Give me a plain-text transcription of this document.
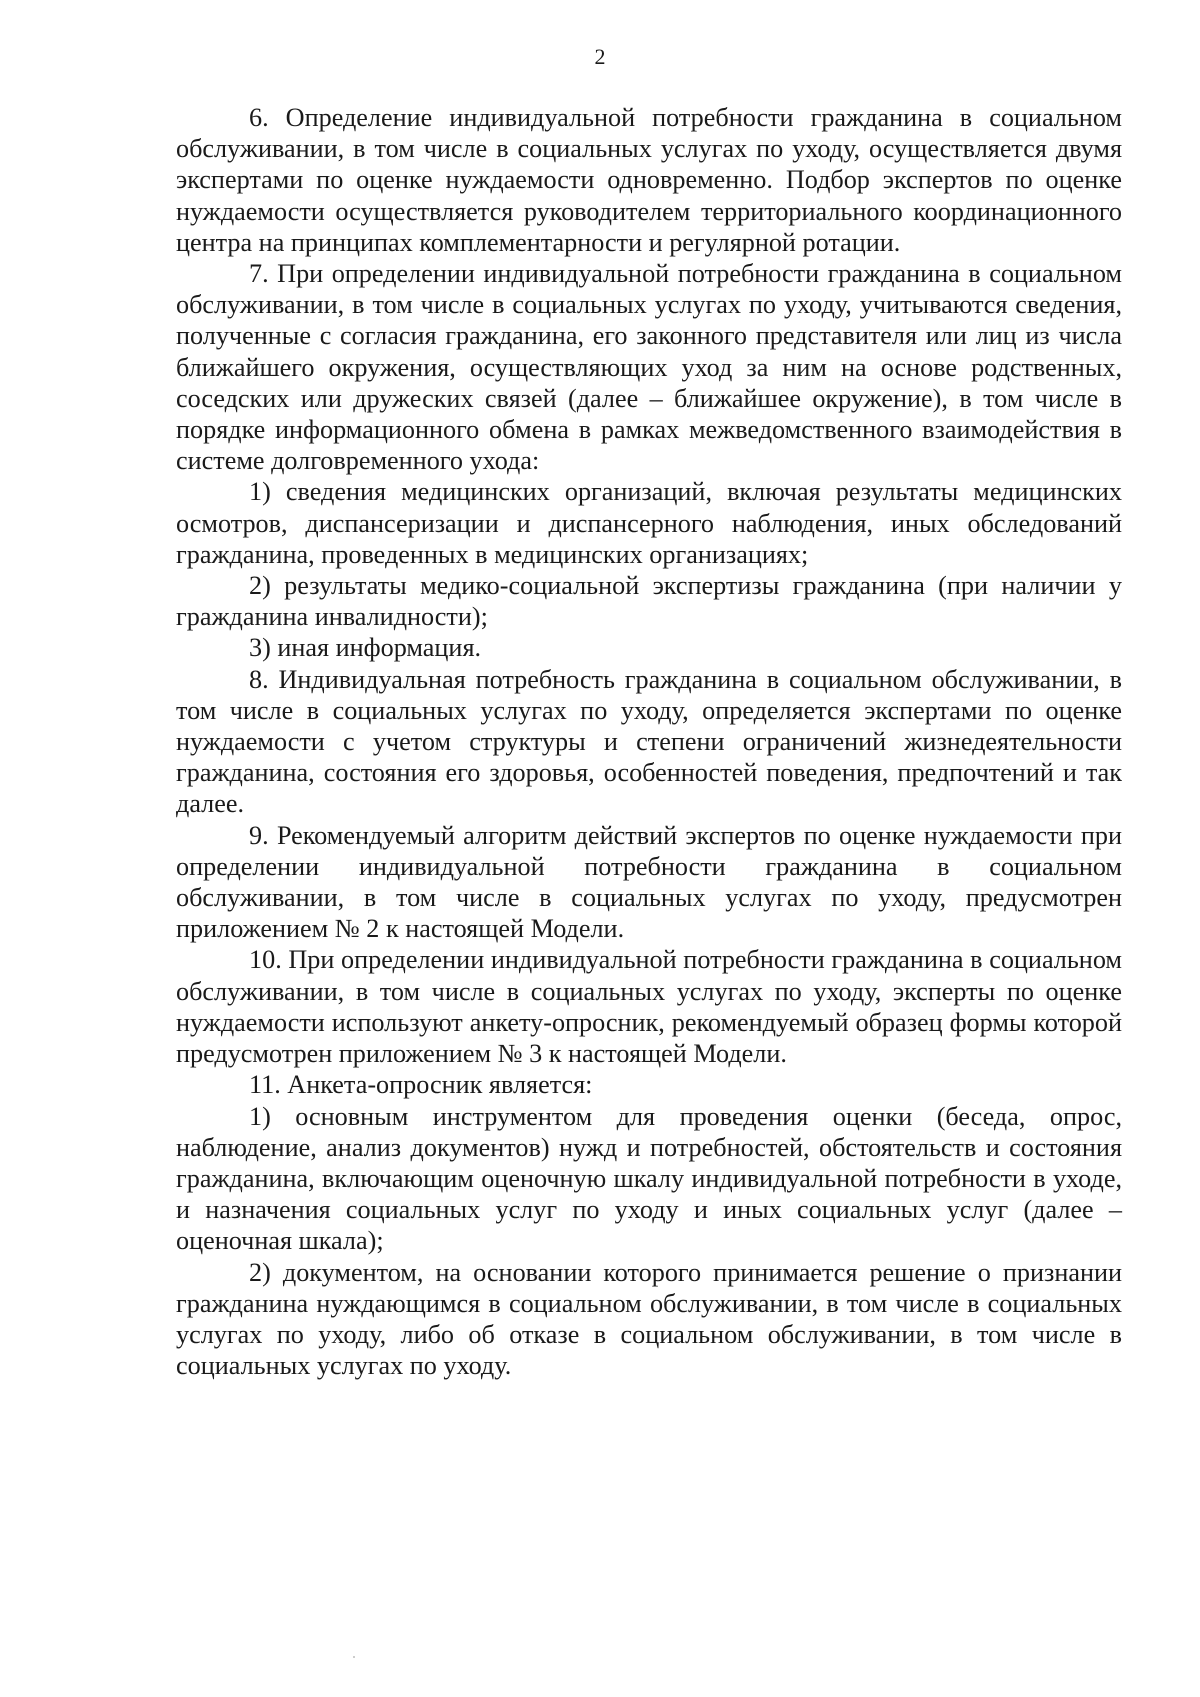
2

6. Определение индивидуальной потребности гражданина в социальном обслуживании, в том числе в социальных услугах по уходу, осуществляется двумя экспертами по оценке нуждаемости одновременно. Подбор экспертов по оценке нуждаемости осуществляется руководителем территориального координационного центра на принципах комплементарности и регулярной ротации.

7. При определении индивидуальной потребности гражданина в социальном обслуживании, в том числе в социальных услугах по уходу, учитываются сведения, полученные с согласия гражданина, его законного представителя или лиц из числа ближайшего окружения, осуществляющих уход за ним на основе родственных, соседских или дружеских связей (далее – ближайшее окружение), в том числе в порядке информационного обмена в рамках межведомственного взаимодействия в системе долговременного ухода:

1) сведения медицинских организаций, включая результаты медицинских осмотров, диспансеризации и диспансерного наблюдения, иных обследований гражданина, проведенных в медицинских организациях;

2) результаты медико-социальной экспертизы гражданина (при наличии у гражданина инвалидности);

3) иная информация.

8. Индивидуальная потребность гражданина в социальном обслуживании, в том числе в социальных услугах по уходу, определяется экспертами по оценке нуждаемости с учетом структуры и степени ограничений жизнедеятельности гражданина, состояния его здоровья, особенностей поведения, предпочтений и так далее.

9. Рекомендуемый алгоритм действий экспертов по оценке нуждаемости при определении индивидуальной потребности гражданина в социальном обслуживании, в том числе в социальных услугах по уходу, предусмотрен приложением № 2 к настоящей Модели.

10. При определении индивидуальной потребности гражданина в социальном обслуживании, в том числе в социальных услугах по уходу, эксперты по оценке нуждаемости используют анкету-опросник, рекомендуемый образец формы которой предусмотрен приложением № 3 к настоящей Модели.

11. Анкета-опросник является:

1) основным инструментом для проведения оценки (беседа, опрос, наблюдение, анализ документов) нужд и потребностей, обстоятельств и состояния гражданина, включающим оценочную шкалу индивидуальной потребности в уходе, и назначения социальных услуг по уходу и иных социальных услуг (далее – оценочная шкала);

2) документом, на основании которого принимается решение о признании гражданина нуждающимся в социальном обслуживании, в том числе в социальных услугах по уходу, либо об отказе в социальном обслуживании, в том числе в социальных услугах по уходу.
